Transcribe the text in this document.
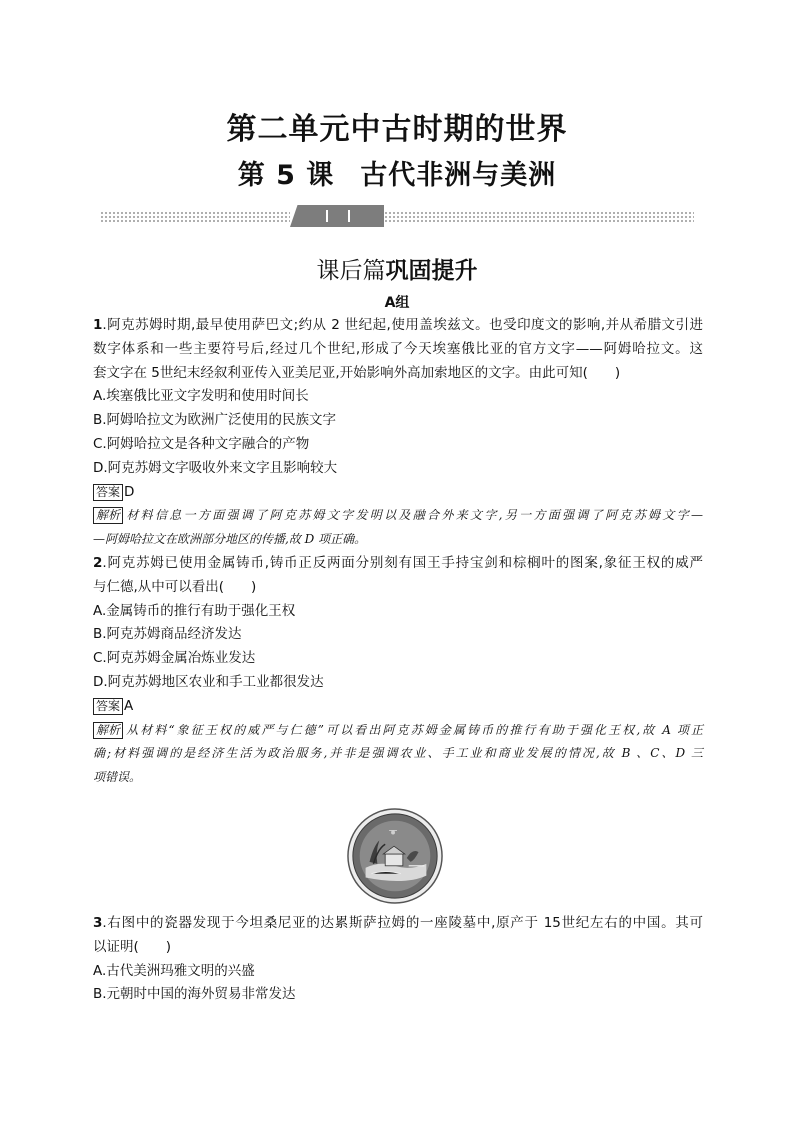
第二单元中古时期的世界
第 5 课 古代非洲与美洲
课后篇巩固提升
A组
1.阿克苏姆时期,最早使用萨巴文;约从 2 世纪起,使用盖埃兹文。也受印度文的影响,并从希腊文引进
数字体系和一些主要符号后,经过几个世纪,形成了今天埃塞俄比亚的官方文字——阿姆哈拉文。这
套文字在 5世纪末经叙利亚传入亚美尼亚,开始影响外高加索地区的文字。由此可知(　　)
A.埃塞俄比亚文字发明和使用时间长
B.阿姆哈拉文为欧洲广泛使用的民族文字
C.阿姆哈拉文是各种文字融合的产物
D.阿克苏姆文字吸收外来文字且影响较大
答案 D
解析 材料信息一方面强调了阿克苏姆文字发明以及融合外来文字,另一方面强调了阿克苏姆文字—
—阿姆哈拉文在欧洲部分地区的传播,故 D 项正确。
2.阿克苏姆已使用金属铸币,铸币正反两面分别刻有国王手持宝剑和棕榈叶的图案,象征王权的威严
与仁德,从中可以看出(　　)
A.金属铸币的推行有助于强化王权
B.阿克苏姆商品经济发达
C.阿克苏姆金属冶炼业发达
D.阿克苏姆地区农业和手工业都很发达
答案 A
解析 从材料“象征王权的威严与仁德”可以看出阿克苏姆金属铸币的推行有助于强化王权,故 A 项正
确;材料强调的是经济生活为政治服务,并非是强调农业、手工业和商业发展的情况,故 B 、C、D 三
项错误。
3.右图中的瓷器发现于今坦桑尼亚的达累斯萨拉姆的一座陵墓中,原产于 15世纪左右的中国。其可
以证明(　　)
A.古代美洲玛雅文明的兴盛
B.元朝时中国的海外贸易非常发达
